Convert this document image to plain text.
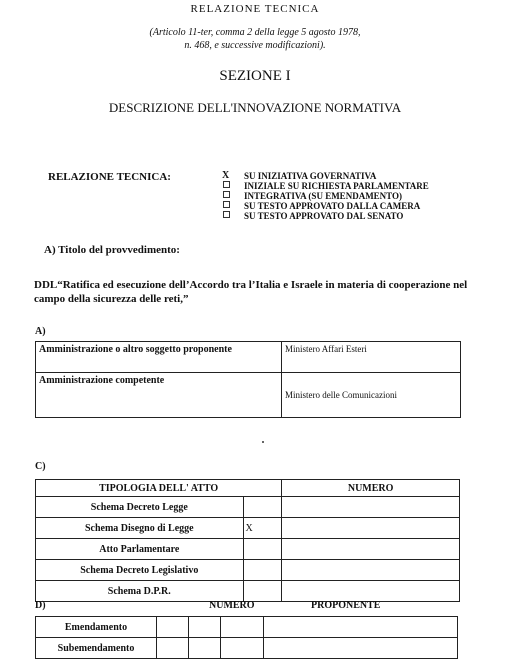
RELAZIONE TECNICA
(Articolo 11-ter, comma 2 della legge 5 agosto 1978,
n. 468, e successive modificazioni).
SEZIONE I
DESCRIZIONE DELL'INNOVAZIONE NORMATIVA
RELAZIONE TECNICA:	X	SU INIZIATIVA GOVERNATIVA
INIZIALE SU RICHIESTA PARLAMENTARE
INTEGRATIVA (SU EMENDAMENTO)
SU TESTO APPROVATO DALLA CAMERA
SU TESTO APPROVATO DAL SENATO
A) Titolo del provvedimento:
DDL“Ratifica ed esecuzione dell’Accordo tra l’Italia e Israele in materia di cooperazione nel campo della sicurezza delle reti,”
A)
Amministrazione o altro soggetto proponente	Ministero Affari Esteri
Amministrazione competente	Ministero delle Comunicazioni
C)
TIPOLOGIA DELL' ATTO		NUMERO
Schema Decreto Legge		
Schema Disegno di Legge	X	
Atto Parlamentare		
Schema Decreto Legislativo		
Schema D.P.R.		
D)	NUMERO	PROPONENTE
Emendamento				
Subemendamento				
